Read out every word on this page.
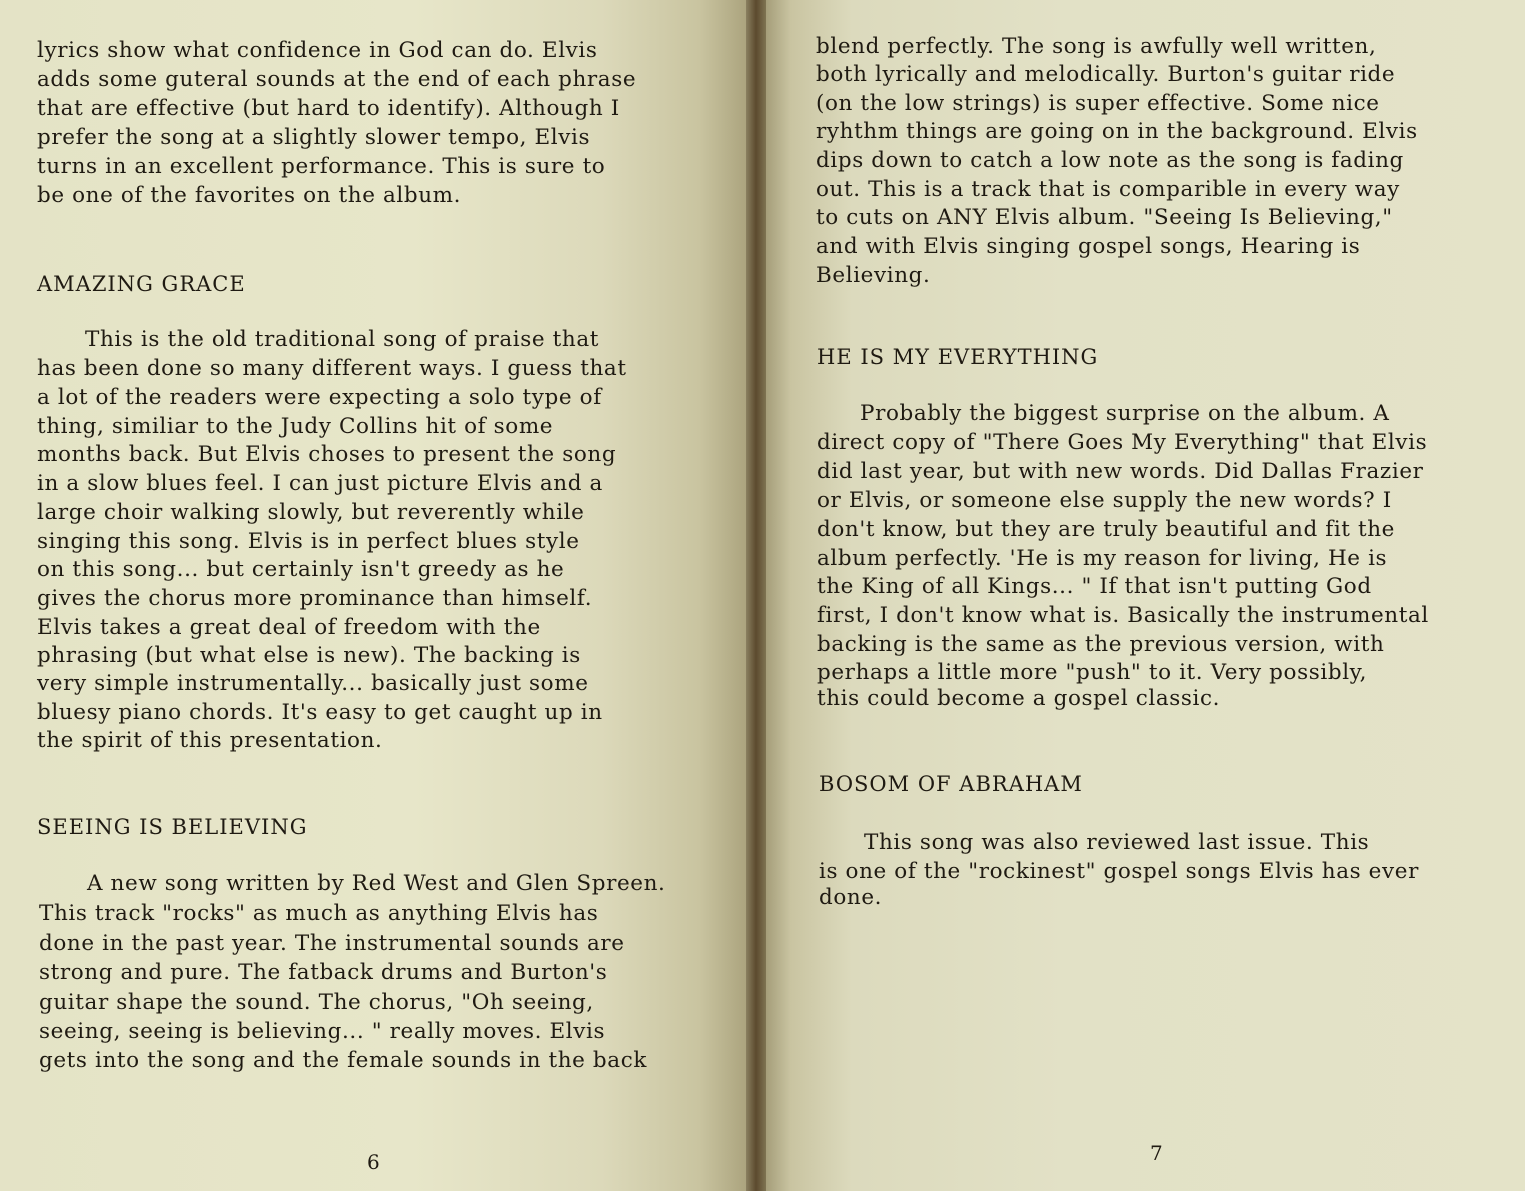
lyrics show what confidence in God can do. Elvis
adds some guteral sounds at the end of each phrase
that are effective (but hard to identify). Although I
prefer the song at a slightly slower tempo, Elvis
turns in an excellent performance. This is sure to
be one of the favorites on the album.
AMAZING GRACE
This is the old traditional song of praise that
has been done so many different ways. I guess that
a lot of the readers were expecting a solo type of
thing, similiar to the Judy Collins hit of some
months back. But Elvis choses to present the song
in a slow blues feel. I can just picture Elvis and a
large choir walking slowly, but reverently while
singing this song. Elvis is in perfect blues style
on this song... but certainly isn't greedy as he
gives the chorus more prominance than himself.
Elvis takes a great deal of freedom with the
phrasing (but what else is new). The backing is
very simple instrumentally... basically just some
bluesy piano chords. It's easy to get caught up in
the spirit of this presentation.
SEEING IS BELIEVING
A new song written by Red West and Glen Spreen.
This track "rocks" as much as anything Elvis has
done in the past year. The instrumental sounds are
strong and pure. The fatback drums and Burton's
guitar shape the sound. The chorus, "Oh seeing,
seeing, seeing is believing... " really moves. Elvis
gets into the song and the female sounds in the back
6
blend perfectly. The song is awfully well written,
both lyrically and melodically. Burton's guitar ride
(on the low strings) is super effective. Some nice
ryhthm things are going on in the background. Elvis
dips down to catch a low note as the song is fading
out. This is a track that is comparible in every way
to cuts on ANY Elvis album. "Seeing Is Believing,"
and with Elvis singing gospel songs, Hearing is
Believing.
HE IS MY EVERYTHING
Probably the biggest surprise on the album. A
direct copy of "There Goes My Everything" that Elvis
did last year, but with new words. Did Dallas Frazier
or Elvis, or someone else supply the new words? I
don't know, but they are truly beautiful and fit the
album perfectly. 'He is my reason for living, He is
the King of all Kings... " If that isn't putting God
first, I don't know what is. Basically the instrumental
backing is the same as the previous version, with
perhaps a little more "push" to it. Very possibly,
this could become a gospel classic.
BOSOM OF ABRAHAM
This song was also reviewed last issue. This
is one of the "rockinest" gospel songs Elvis has ever
done.
7
